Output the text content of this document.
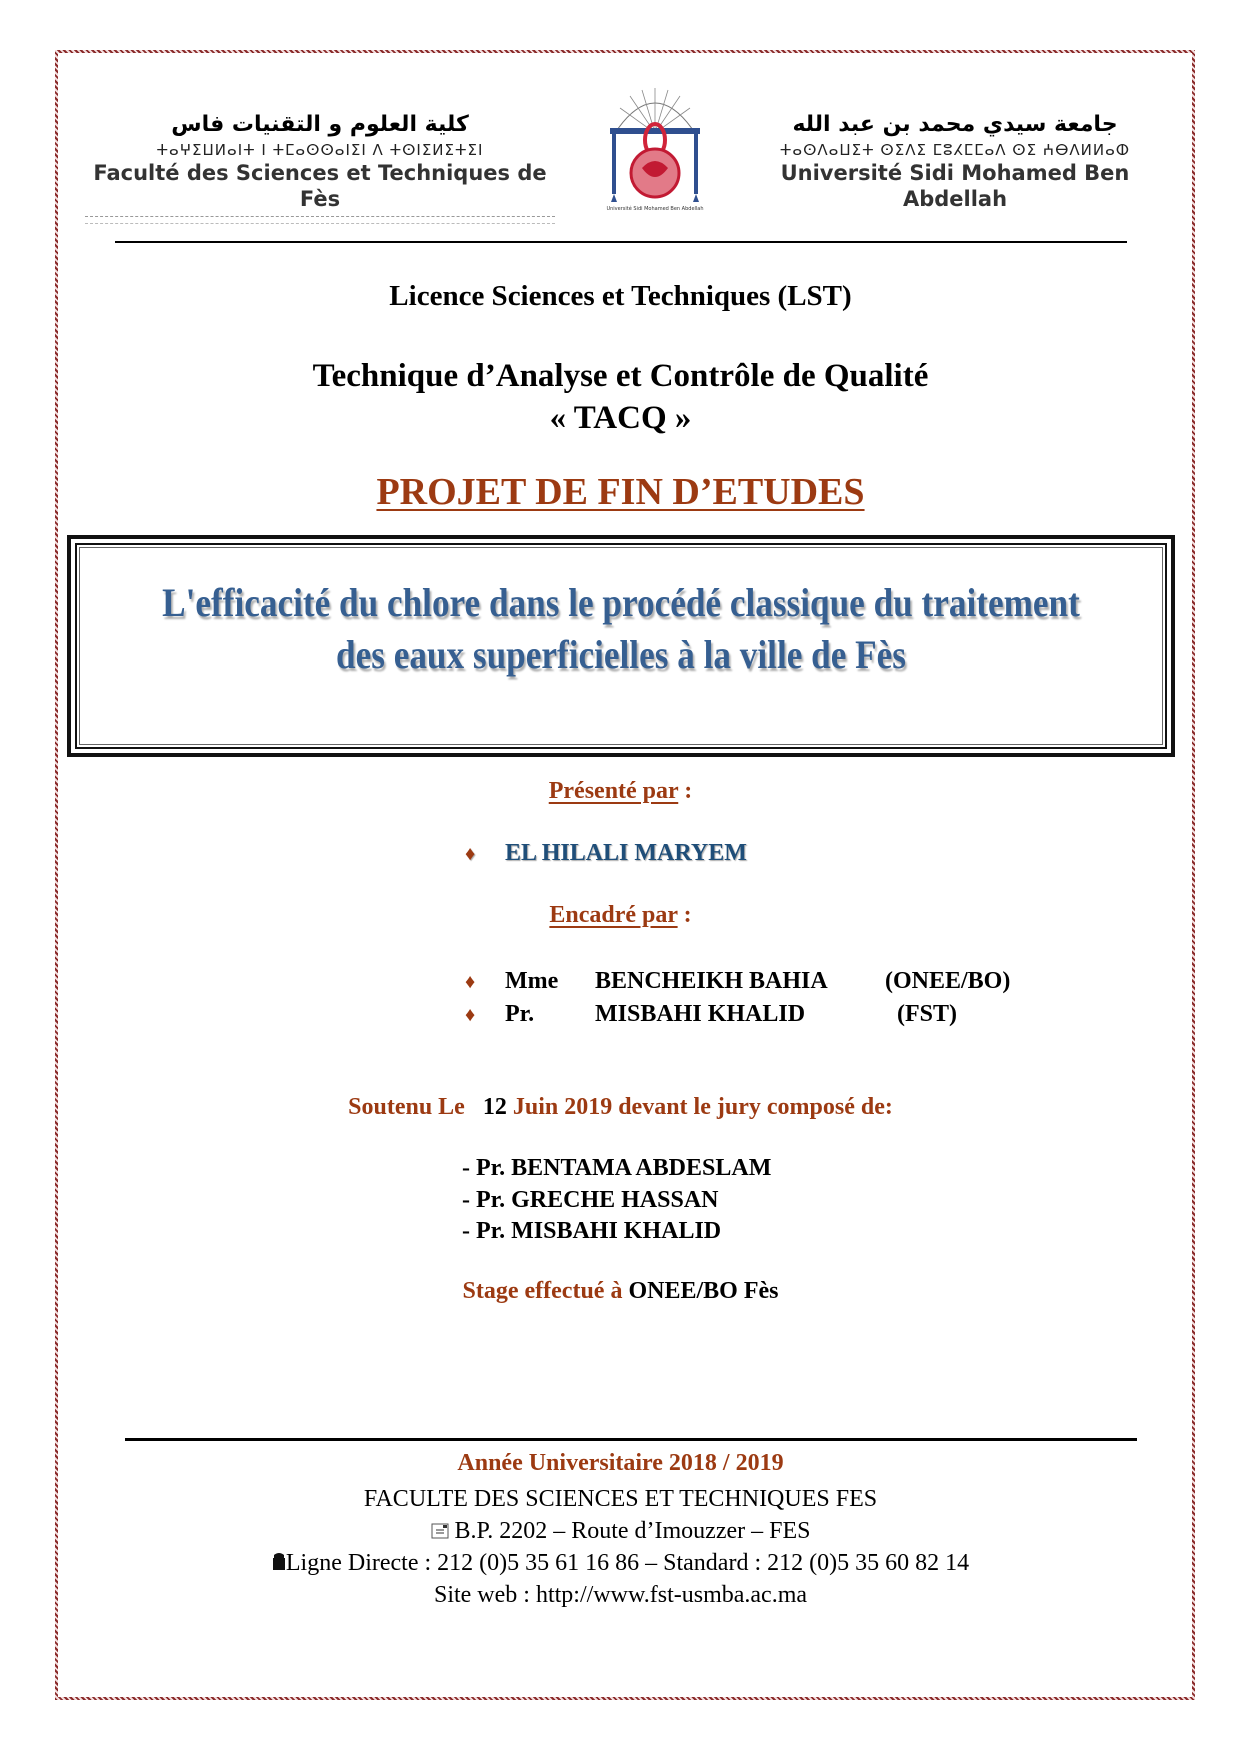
كلية العلوم و التقنيات فاس
ⵜⴰⵖⵉⵡⵍⴰⵏⵜ ⵏ ⵜⵎⴰⵙⵙⴰⵏⵉⵏ ⴷ ⵜⵙⵏⵉⵍⵉⵜⵉⵏ
Faculté des Sciences et Techniques de Fès	Université Sidi Mohamed Ben Abdellah
جامعة سيدي محمد بن عبد الله
ⵜⴰⵙⴷⴰⵡⵉⵜ ⵙⵉⴷⵉ ⵎⵓⵃⵎⵎⴰⴷ ⵙⵉ ⵄⴱⴷⵍⵍⴰⵀ
Université Sidi Mohamed Ben Abdellah
Licence Sciences et Techniques (LST)
Technique d’Analyse et Contrôle de Qualité
« TACQ »
PROJET DE FIN D’ETUDES
L'efficacité du chlore dans le procédé classique du traitement
des eaux superficielles à la ville de Fès
Présenté par :
♦ EL HILALI MARYEM
Encadré par :
♦ Mme BENCHEIKH BAHIA (ONEE/BO)
♦ Pr.	MISBAHI KHALID	(FST)
Soutenu Le 12 Juin 2019 devant le jury composé de:
- Pr. BENTAMA ABDESLAM
- Pr. GRECHE HASSAN
- Pr. MISBAHI KHALID
Stage effectué à ONEE/BO Fès
Année Universitaire 2018 / 2019
FACULTE DES SCIENCES ET TECHNIQUES FES
B.P. 2202 – Route d’Imouzzer – FES
Ligne Directe : 212 (0)5 35 61 16 86 – Standard : 212 (0)5 35 60 82 14
Site web : http://www.fst-usmba.ac.ma
